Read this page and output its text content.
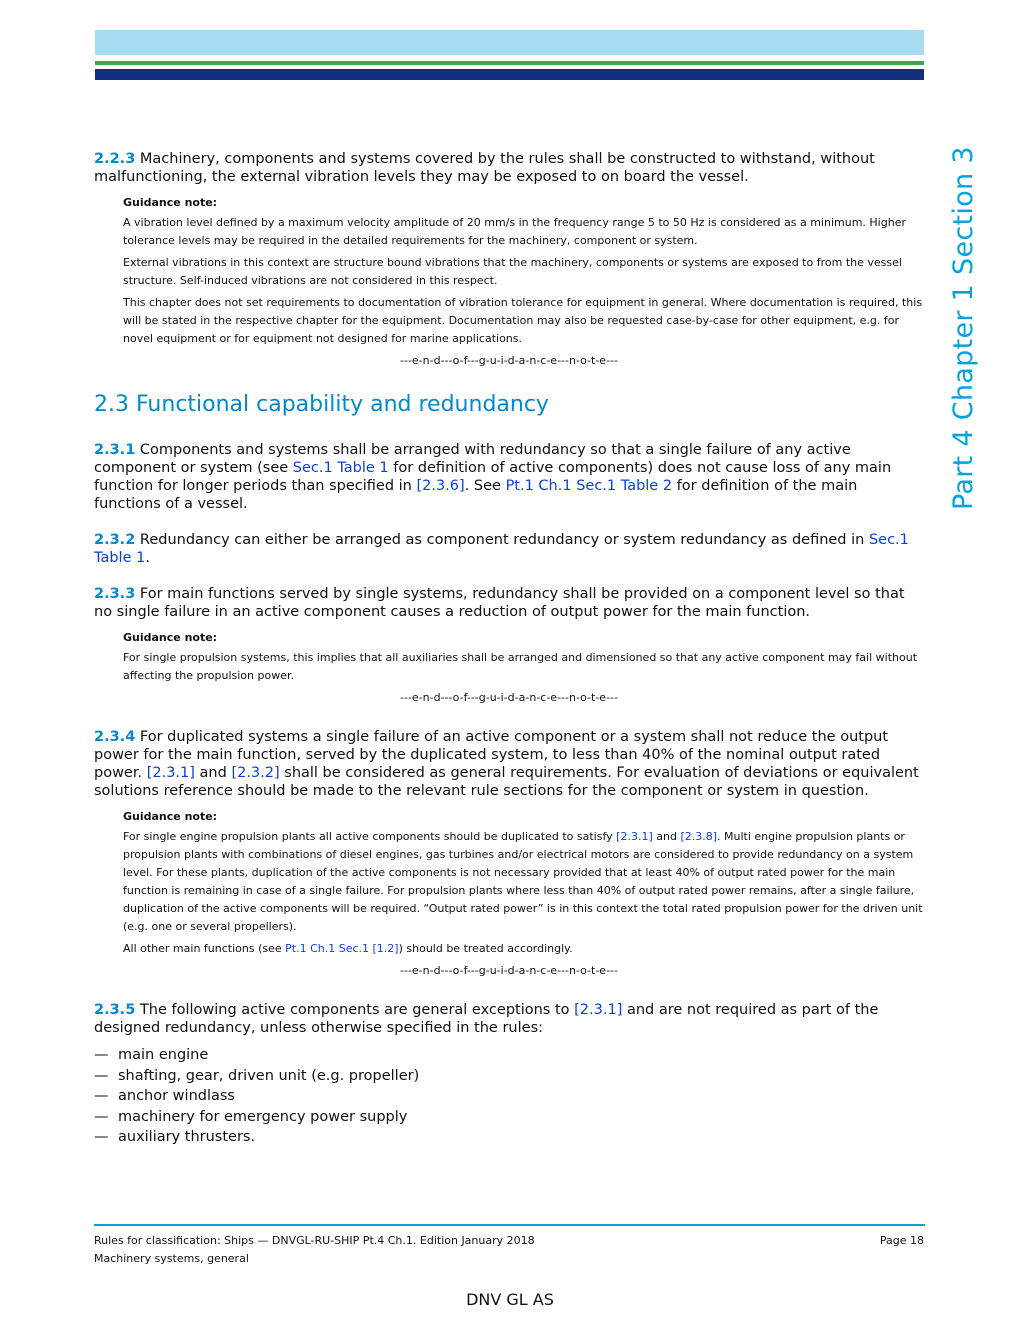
Part 4 Chapter 1 Section 3

2.2.3 Machinery, components and systems covered by the rules shall be constructed to withstand, without malfunctioning, the external vibration levels they may be exposed to on board the vessel.

Guidance note:
A vibration level defined by a maximum velocity amplitude of 20 mm/s in the frequency range 5 to 50 Hz is considered as a minimum. Higher tolerance levels may be required in the detailed requirements for the machinery, component or system.
External vibrations in this context are structure bound vibrations that the machinery, components or systems are exposed to from the vessel structure. Self-induced vibrations are not considered in this respect.
This chapter does not set requirements to documentation of vibration tolerance for equipment in general. Where documentation is required, this will be stated in the respective chapter for the equipment. Documentation may also be requested case-by-case for other equipment, e.g. for novel equipment or for equipment not designed for marine applications.
---e-n-d---o-f---g-u-i-d-a-n-c-e---n-o-t-e---
2.3 Functional capability and redundancy

2.3.1 Components and systems shall be arranged with redundancy so that a single failure of any active component or system (see Sec.1 Table 1 for definition of active components) does not cause loss of any main function for longer periods than specified in [2.3.6]. See Pt.1 Ch.1 Sec.1 Table 2 for definition of the main functions of a vessel.

2.3.2 Redundancy can either be arranged as component redundancy or system redundancy as defined in Sec.1 Table 1.

2.3.3 For main functions served by single systems, redundancy shall be provided on a component level so that no single failure in an active component causes a reduction of output power for the main function.

Guidance note:
For single propulsion systems, this implies that all auxiliaries shall be arranged and dimensioned so that any active component may fail without affecting the propulsion power.
---e-n-d---o-f---g-u-i-d-a-n-c-e---n-o-t-e---

2.3.4 For duplicated systems a single failure of an active component or a system shall not reduce the output power for the main function, served by the duplicated system, to less than 40% of the nominal output rated power. [2.3.1] and [2.3.2] shall be considered as general requirements. For evaluation of deviations or equivalent solutions reference should be made to the relevant rule sections for the component or system in question.

Guidance note:
For single engine propulsion plants all active components should be duplicated to satisfy [2.3.1] and [2.3.8]. Multi engine propulsion plants or propulsion plants with combinations of diesel engines, gas turbines and/or electrical motors are considered to provide redundancy on a system level. For these plants, duplication of the active components is not necessary provided that at least 40% of output rated power for the main function is remaining in case of a single failure. For propulsion plants where less than 40% of output rated power remains, after a single failure, duplication of the active components will be required. “Output rated power” is in this context the total rated propulsion power for the driven unit (e.g. one or several propellers).
All other main functions (see Pt.1 Ch.1 Sec.1 [1.2]) should be treated accordingly.
---e-n-d---o-f---g-u-i-d-a-n-c-e---n-o-t-e---

2.3.5 The following active components are general exceptions to [2.3.1] and are not required as part of the designed redundancy, unless otherwise specified in the rules:

— main engine
— shafting, gear, driven unit (e.g. propeller)
— anchor windlass
— machinery for emergency power supply
— auxiliary thrusters.
Rules for classification: Ships — DNVGL-RU-SHIP Pt.4 Ch.1. Edition January 2018
Machinery systems, general
Page 18
DNV GL AS
